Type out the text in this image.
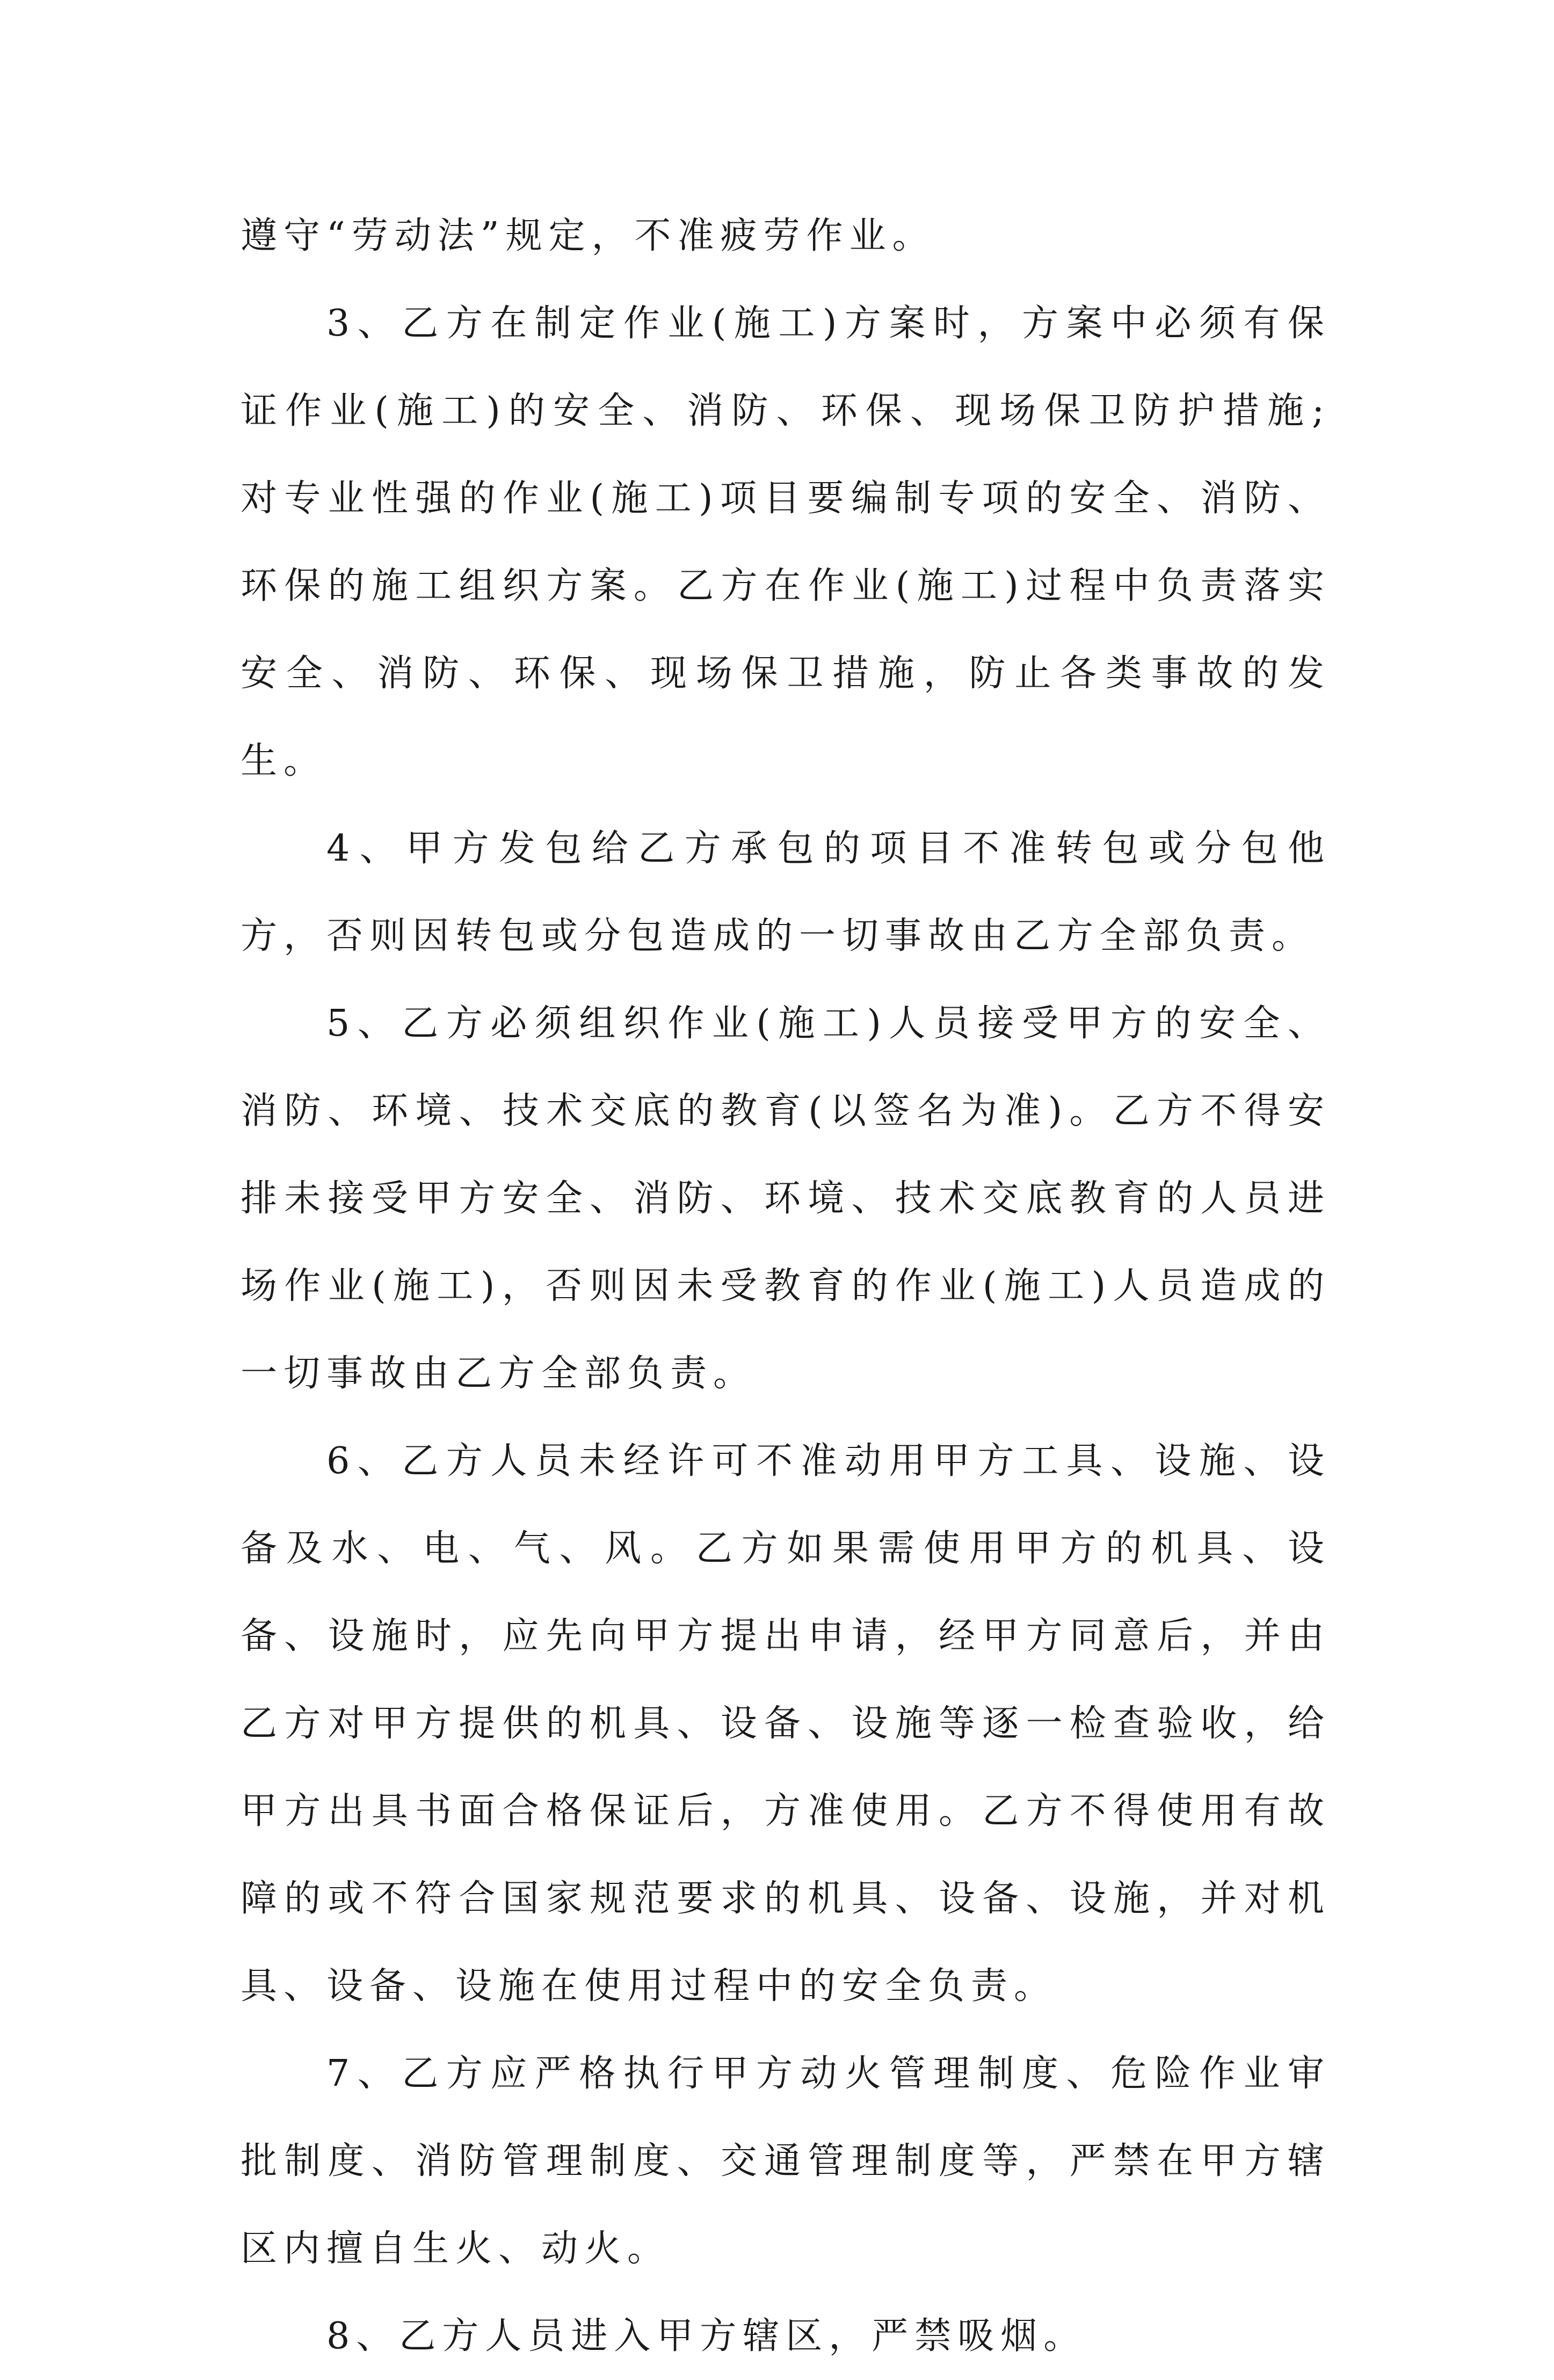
遵守“劳动法”规定，不准疲劳作业。

3、乙方在制定作业(施工)方案时，方案中必须有保证作业(施工)的安全、消防、环保、现场保卫防护措施;对专业性强的作业(施工)项目要编制专项的安全、消防、环保的施工组织方案。乙方在作业(施工)过程中负责落实安全、消防、环保、现场保卫措施，防止各类事故的发生。

4、甲方发包给乙方承包的项目不准转包或分包他方，否则因转包或分包造成的一切事故由乙方全部负责。

5、乙方必须组织作业(施工)人员接受甲方的安全、消防、环境、技术交底的教育(以签名为准)。乙方不得安排未接受甲方安全、消防、环境、技术交底教育的人员进场作业(施工)，否则因未受教育的作业(施工)人员造成的一切事故由乙方全部负责。

6、乙方人员未经许可不准动用甲方工具、设施、设备及水、电、气、风。乙方如果需使用甲方的机具、设备、设施时，应先向甲方提出申请，经甲方同意后，并由乙方对甲方提供的机具、设备、设施等逐一检查验收，给甲方出具书面合格保证后，方准使用。乙方不得使用有故障的或不符合国家规范要求的机具、设备、设施，并对机具、设备、设施在使用过程中的安全负责。

7、乙方应严格执行甲方动火管理制度、危险作业审批制度、消防管理制度、交通管理制度等，严禁在甲方辖区内擅自生火、动火。

8、乙方人员进入甲方辖区，严禁吸烟。
